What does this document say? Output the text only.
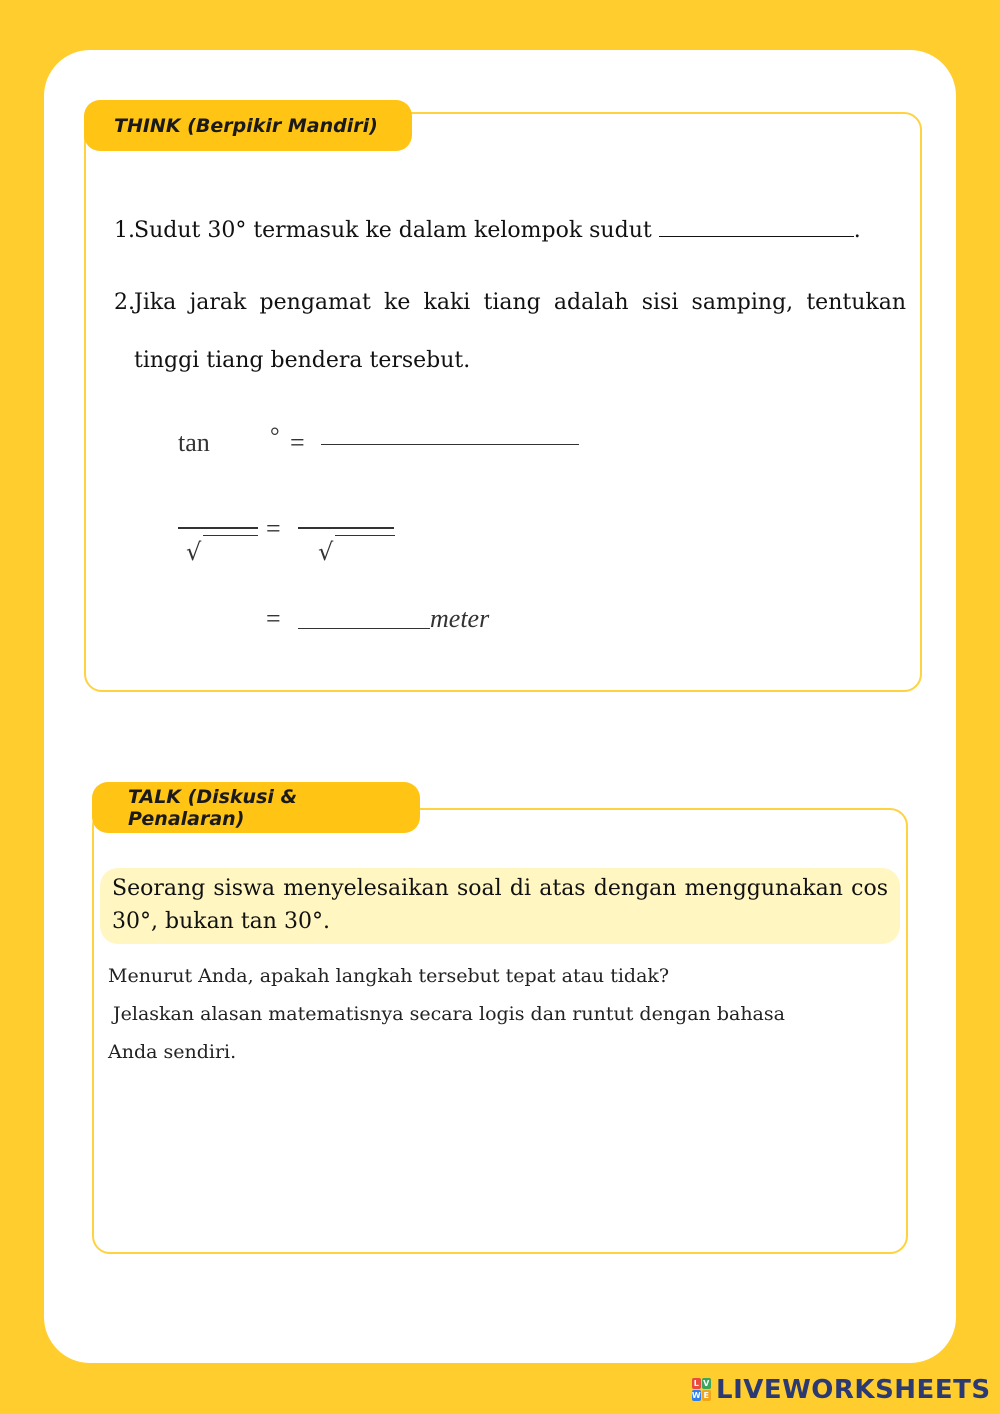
THINK (Berpikir Mandiri)
1.Sudut 30° termasuk ke dalam kelompok sudut	.
2. Jika jarak pengamat ke kaki tiang adalah sisi samping, tentukan tinggi tiang bendera tersebut.
tan	° =
√
=
√
=	meter
TALK (Diskusi & Penalaran)
Seorang siswa menyelesaikan soal di atas dengan menggunakan cos 30°, bukan tan 30°.
Menurut Anda, apakah langkah tersebut tepat atau tidak?
Jelaskan alasan matematisnya secara logis dan runtut dengan bahasa
Anda sendiri.
L V
W E LIVEWORKSHEETS
